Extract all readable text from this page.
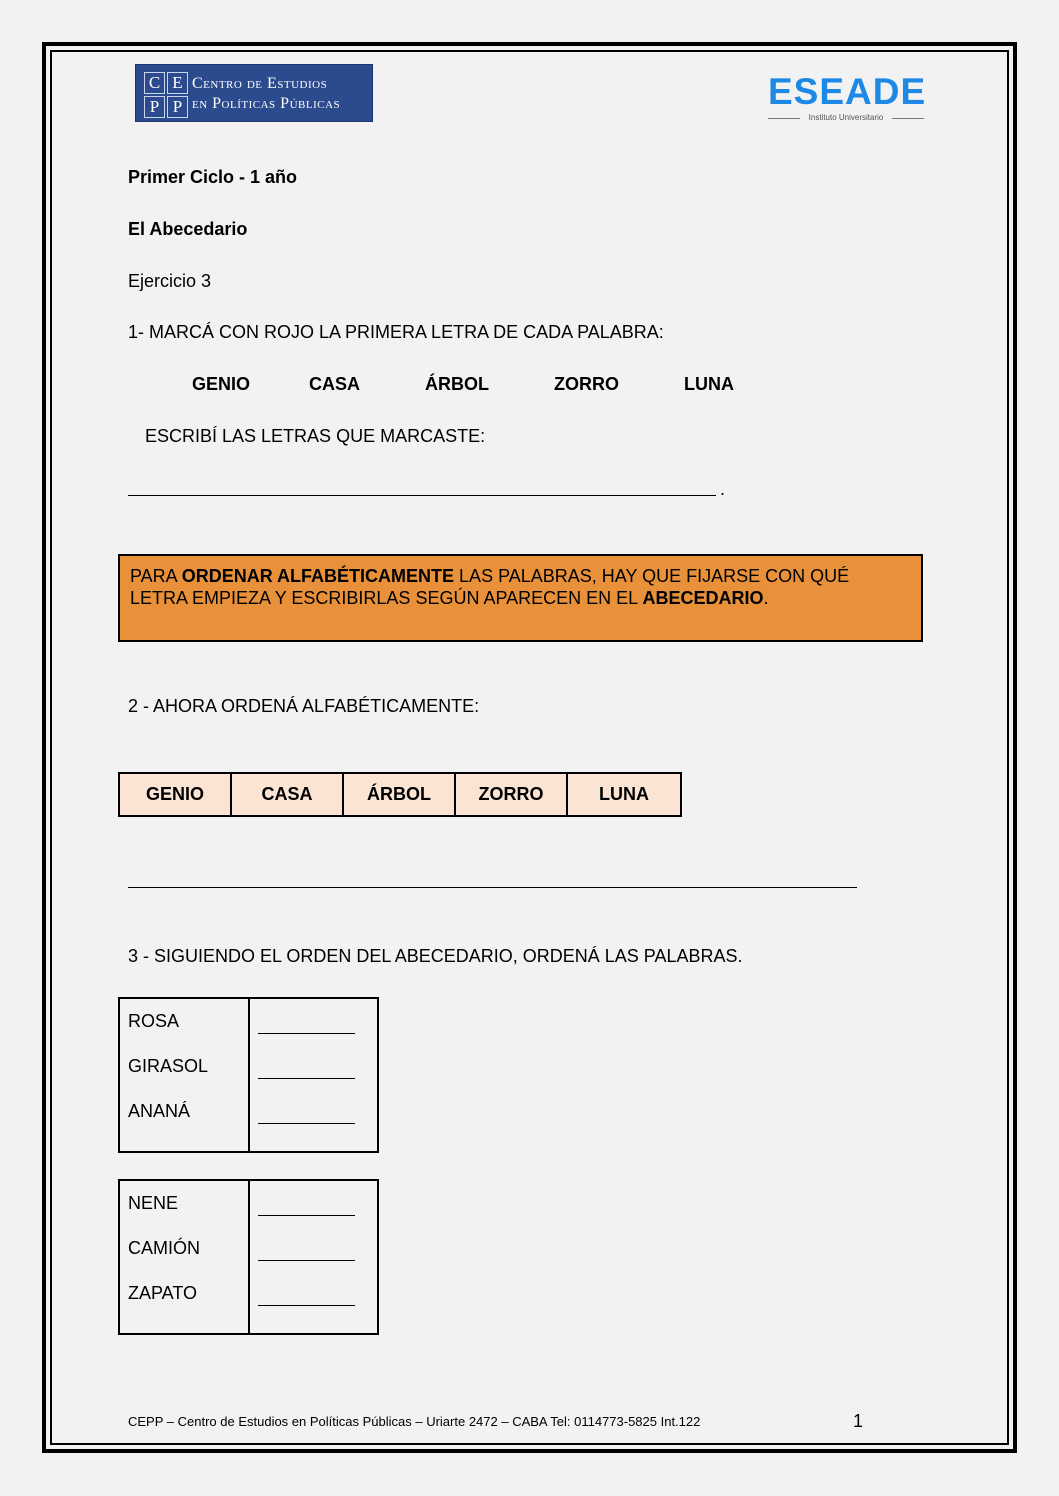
C E
P P
Centro de Estudios
en Políticas Públicas	ESEADE
Instituto Universitario
Primer Ciclo - 1 año
El Abecedario
Ejercicio 3
1- MARCÁ CON ROJO LA PRIMERA LETRA DE CADA PALABRA:
GENIO	CASA	ÁRBOL	ZORRO	LUNA
ESCRIBÍ LAS LETRAS QUE MARCASTE:
.
PARA ORDENAR ALFABÉTICAMENTE LAS PALABRAS, HAY QUE FIJARSE CON QUÉ LETRA EMPIEZA Y ESCRIBIRLAS SEGÚN APARECEN EN EL ABECEDARIO.
2 - AHORA ORDENÁ ALFABÉTICAMENTE:
GENIO	CASA	ÁRBOL	ZORRO	LUNA
3 - SIGUIENDO EL ORDEN DEL ABECEDARIO, ORDENÁ LAS PALABRAS.
ROSA
GIRASOL
ANANÁ
NENE
CAMIÓN
ZAPATO
CEPP – Centro de Estudios en Políticas Públicas – Uriarte 2472 – CABA Tel: 0114773-5825 Int.122	1
